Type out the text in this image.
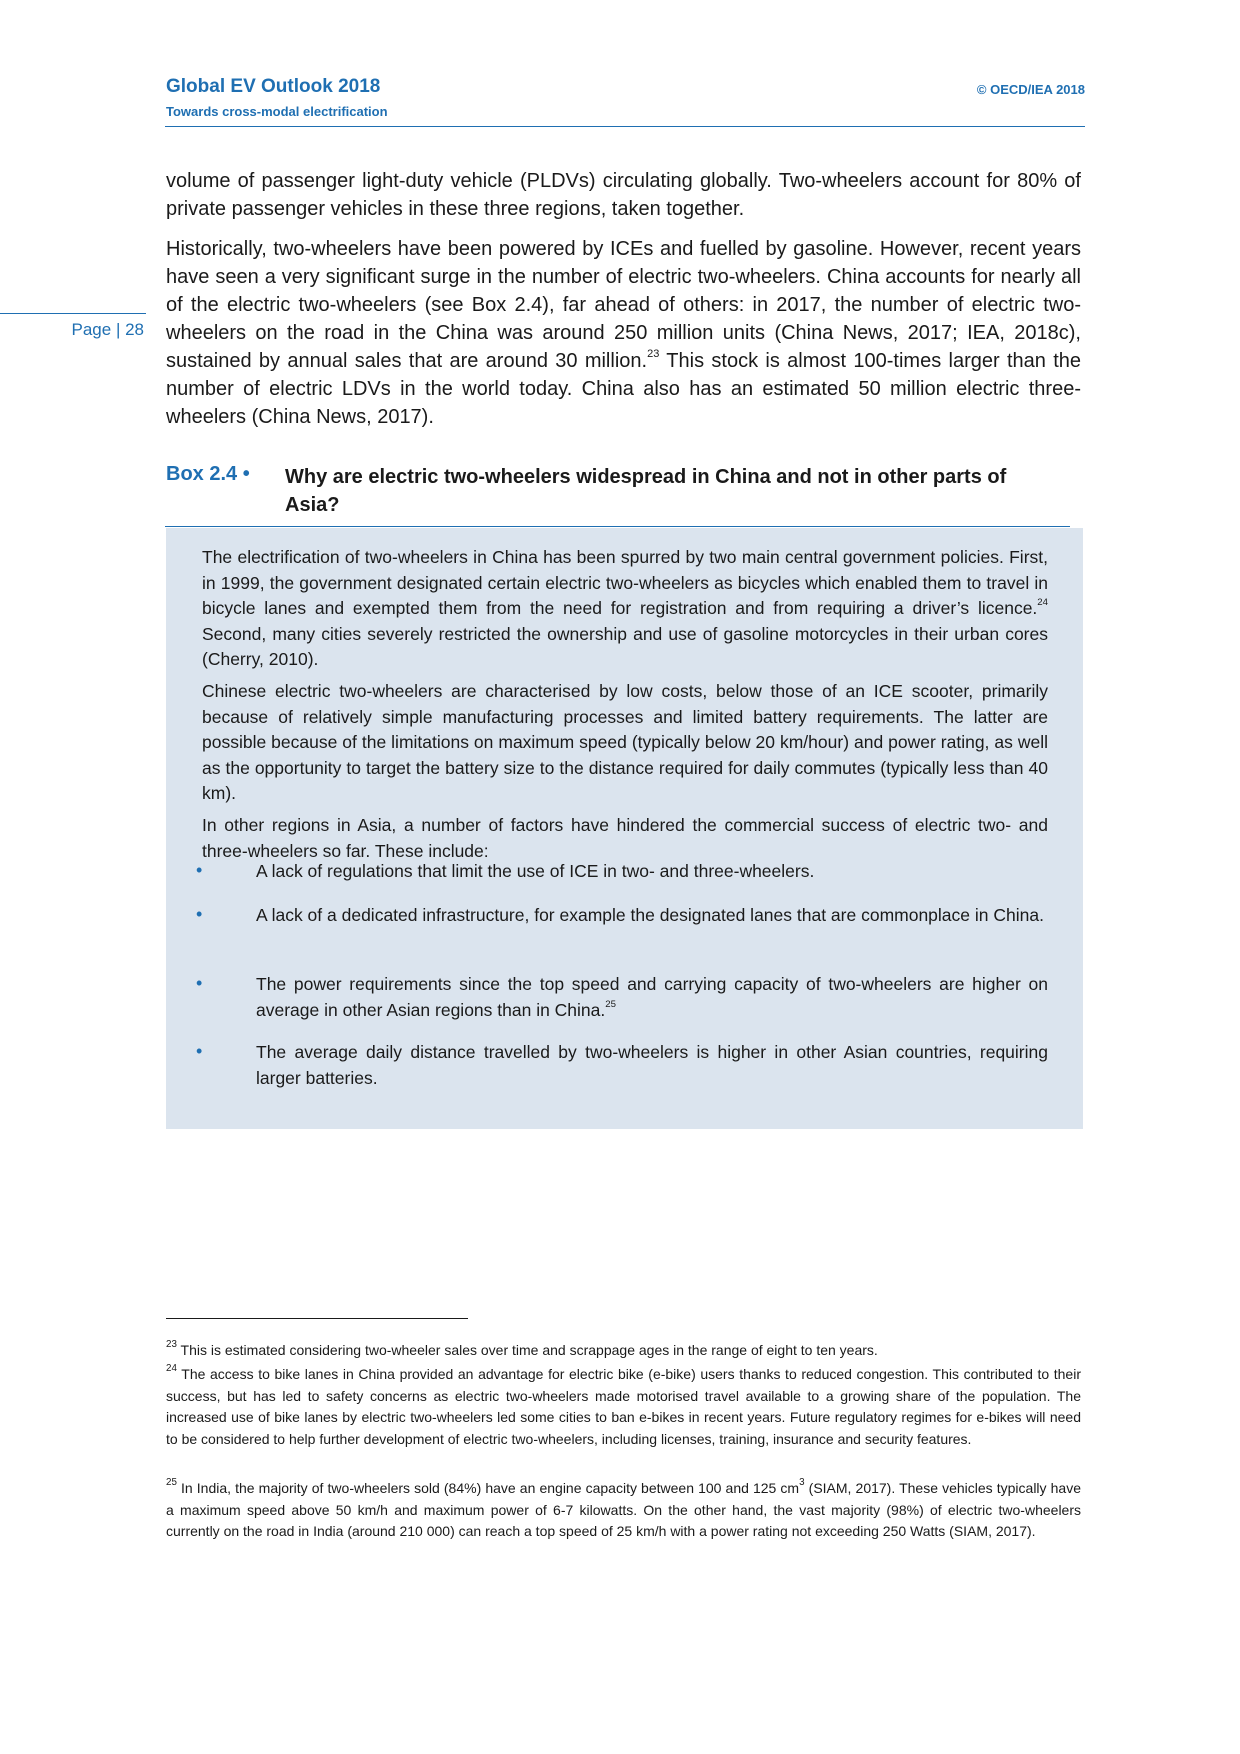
Global EV Outlook 2018
Towards cross-modal electrification
© OECD/IEA 2018
Page | 28

volume of passenger light-duty vehicle (PLDVs) circulating globally. Two-wheelers account for 80% of private passenger vehicles in these three regions, taken together.

Historically, two-wheelers have been powered by ICEs and fuelled by gasoline. However, recent years have seen a very significant surge in the number of electric two-wheelers. China accounts for nearly all of the electric two-wheelers (see Box 2.4), far ahead of others: in 2017, the number of electric two-wheelers on the road in the China was around 250 million units (China News, 2017; IEA, 2018c), sustained by annual sales that are around 30 million.$^{23}$ This stock is almost 100-times larger than the number of electric LDVs in the world today. China also has an estimated 50 million electric three-wheelers (China News, 2017).

Box 2.4 • Why are electric two-wheelers widespread in China and not in other parts of Asia?

The electrification of two-wheelers in China has been spurred by two main central government policies. First, in 1999, the government designated certain electric two-wheelers as bicycles which enabled them to travel in bicycle lanes and exempted them from the need for registration and from requiring a driver’s licence.$^{24}$ Second, many cities severely restricted the ownership and use of gasoline motorcycles in their urban cores (Cherry, 2010).

Chinese electric two-wheelers are characterised by low costs, below those of an ICE scooter, primarily because of relatively simple manufacturing processes and limited battery requirements. The latter are possible because of the limitations on maximum speed (typically below 20 km/hour) and power rating, as well as the opportunity to target the battery size to the distance required for daily commutes (typically less than 40 km).

In other regions in Asia, a number of factors have hindered the commercial success of electric two- and three-wheelers so far. These include:

•	A lack of regulations that limit the use of ICE in two- and three-wheelers.

•	A lack of a dedicated infrastructure, for example the designated lanes that are commonplace in China.

•	The power requirements since the top speed and carrying capacity of two-wheelers are higher on average in other Asian regions than in China.$^{25}$

•	The average daily distance travelled by two-wheelers is higher in other Asian countries, requiring larger batteries.

$^{23}$ This is estimated considering two-wheeler sales over time and scrappage ages in the range of eight to ten years.

$^{24}$ The access to bike lanes in China provided an advantage for electric bike (e-bike) users thanks to reduced congestion. This contributed to their success, but has led to safety concerns as electric two-wheelers made motorised travel available to a growing share of the population. The increased use of bike lanes by electric two-wheelers led some cities to ban e-bikes in recent years. Future regulatory regimes for e-bikes will need to be considered to help further development of electric two-wheelers, including licenses, training, insurance and security features.

$^{25}$ In India, the majority of two-wheelers sold (84%) have an engine capacity between 100 and 125 $cm^3$ (SIAM, 2017). These vehicles typically have a maximum speed above 50 km/h and maximum power of 6-7 kilowatts. On the other hand, the vast majority (98%) of electric two-wheelers currently on the road in India (around 210 000) can reach a top speed of 25 km/h with a power rating not exceeding 250 Watts (SIAM, 2017).
